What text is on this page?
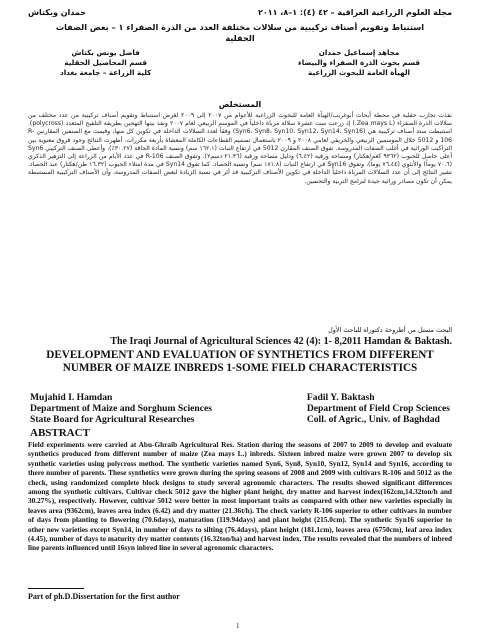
مجلة العلوم الزراعية العراقية – ٤٢ (٤): ١–٨، ٢٠١١
حمدان وبكتاش
استنباط وتقويم أصناف تركيبية من سلالات مختلفة العدد من الذرة الصفراء ١ – بعض الصفات الحقلية
مجاهد إسماعيل حمدان
قسم بحوث الذرة الصفراء والبيضاء
الهيأة العامة للبحوث الزراعية
فاضل يونس بكتاش
قسم المحاصيل الحقلية
كلية الزراعة – جامعة بغداد
المستخلص
نفذت تجارب حقلية في محطة أبحاث أبوغريب/الهيأة العامة للبحوث الزراعية للأعوام من ٢٠٠٧ إلى ٢٠٠٩ لغرض استنباط وتقويم أصناف تركيبية من عدد مختلف من سلالات الذرة الصفراء (Zea mays L.) إذ زرعت ست عشرة سلالة مرباة داخلياً في الموسم الربيعي لعام ٢٠٠٧ ونفذ بينها التهجين بطريقة التلقيح المتعدد (polycross). استنبطت ستة أصناف تركيبية هي (Syn6، Syn8، Syn10، Syn12، Syn14، Syn16) وفقاً لعدد السلالات الداخلة في تكوين كل منها، وقيمت مع الصنفين المقارنين R-106 و 5012 خلال الموسمين الربيعي والخريفي لعامي ٢٠٠٨ و ٢٠٠٩ باستعمال تصميم القطاعات الكاملة المعشاة بأربعة مكررات. أظهرت النتائج وجود فروق معنوية بين التراكيب الوراثية في أغلب الصفات المدروسة. تفوق الصنف المقارن 5012 في ارتفاع النبات (١٦٢.١ سم) ونسبة المادة الجافة (٣٠.٢٧٪)، وأعطى الصنف التركيبي Syn6 أعلى حاصل للحبوب (٩٣٦٢ كغم/هكتار) ومساحة ورقية (٦.٤٢) ودليل مساحة ورقية (٢١.٣٦ دسم٢). وتفوق الصنف R-106 في عدد الأيام من الزراعة إلى التزهير الذكري (٧٠.٦ يوماً) والأنثوي (٧٦.٤٤ يوماً)، وتفوق Syn16 في ارتفاع النبات (١٨١.٨ سم) ونسبة الحصاد. كما تفوق Syn14 في مدة امتلاء الحبوب (١٦.٣٢ طن/هكتار) عند الحصاد. تشير النتائج إلى أن عدد السلالات المرباة داخلياً الداخلة في تكوين الأصناف التركيبية قد أثر في نسبة الزيادة لبعض الصفات المدروسة، وأن الأصناف التركيبية المستنبطة يمكن أن تكون مصادر وراثية جيدة لبرامج التربية والتحسين.
البحث مستل من أطروحة دكتوراه للباحث الأول
The Iraqi Journal of Agricultural Sciences 42 (4): 1- 8,2011 Hamdan & Baktash.
DEVELOPMENT AND EVALUATION OF SYNTHETICS FROM DIFFERENT NUMBER OF MAIZE INBREDS 1-SOME FIELD CHARACTERISTICS
Mujahid I. Hamdan
Department of Maize and Sorghum Sciences
State Board for Agricultural Researches
Fadil Y. Baktash
Department of Field Crop Sciences
Coll. of Agric., Univ. of Baghdad
ABSTRACT
Field experiments were carried at Abu-Ghraib Agricultural Res. Station during the seasons of 2007 to 2009 to develop and evaluate synthetics produced from different number of maize (Zea mays L.) inbreds. Sixteen inbred maize were grown 2007 to develop six synthetic varieties using polycross method. The synthetic varieties named Syn6, Syn8, Syn10, Syn12, Syn14 and Syn16, according to there number of parents. These synthetics were grown during the spring seasons of 2008 and 2009 with cultivars R-106 and 5012 as the check, using randomized complete block designs to study several agronomic characters. The results showed significant differences among the synthetic cultivars. Cultivar check 5012 gave the higher plant height, dry matter and harvest index(162cm,14.32ton/h and 30.27%), respectively. However, cultivar 5012 were better in most important traits as compared with other new varieties especially in leaves area (9362cm), leaves area index (6.42) and dry matter (21.36t/h). The check variety R-106 superior to other cultivars in number of days from planting to flowering (70.6days), maturation (119.94days) and plant height (215.0cm). The synthetic Syn16 superior to other new varieties except Syn14, in number of days to silting (76.4days), plant height (181.1cm), leaves area (6750cm), leaf area index (4.45), number of days to maturity dry matter contents (16.32ton/ha) and harvest index. The results revealed that the numbers of inbred line parents influenced until 16syn inbred line in several agronomic characters.
Part of ph.D.Dissertation for the first author
1
